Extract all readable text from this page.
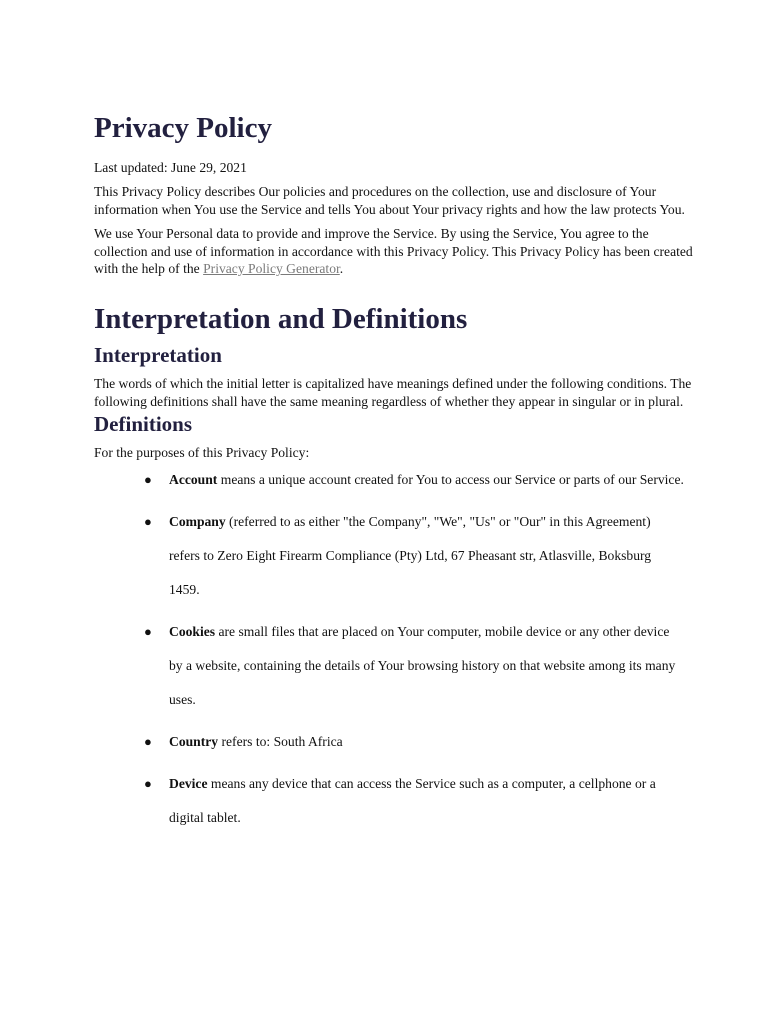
Privacy Policy

Last updated: June 29, 2021

This Privacy Policy describes Our policies and procedures on the collection, use and disclosure of Your information when You use the Service and tells You about Your privacy rights and how the law protects You.

We use Your Personal data to provide and improve the Service. By using the Service, You agree to the collection and use of information in accordance with this Privacy Policy. This Privacy Policy has been created with the help of the Privacy Policy Generator.

Interpretation and Definitions
Interpretation

The words of which the initial letter is capitalized have meanings defined under the following conditions. The following definitions shall have the same meaning regardless of whether they appear in singular or in plural.

Definitions

For the purposes of this Privacy Policy:

● Account means a unique account created for You to access our Service or parts of our Service.
● Company (referred to as either "the Company", "We", "Us" or "Our" in this Agreement) refers to Zero Eight Firearm Compliance (Pty) Ltd, 67 Pheasant str, Atlasville, Boksburg 1459.
● Cookies are small files that are placed on Your computer, mobile device or any other device by a website, containing the details of Your browsing history on that website among its many uses.
● Country refers to: South Africa
● Device means any device that can access the Service such as a computer, a cellphone or a digital tablet.
